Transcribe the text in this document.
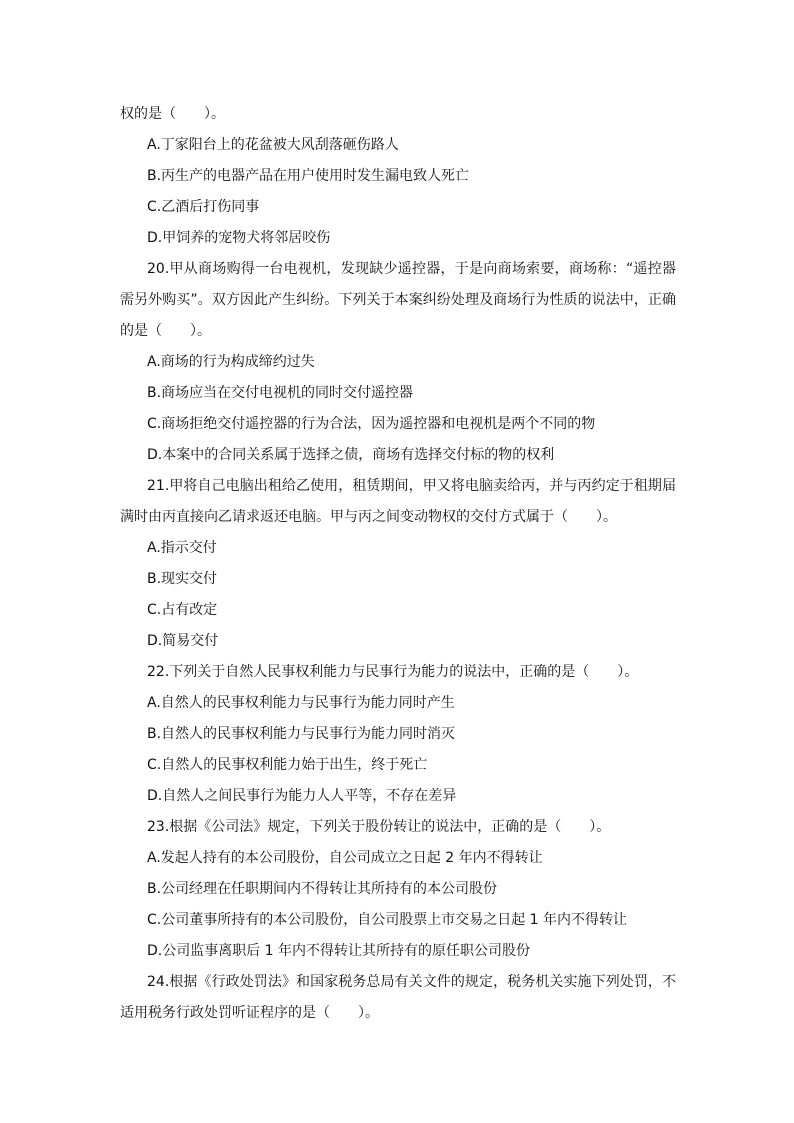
权的是（　　）。
A.丁家阳台上的花盆被大风刮落砸伤路人
B.丙生产的电器产品在用户使用时发生漏电致人死亡
C.乙酒后打伤同事
D.甲饲养的宠物犬将邻居咬伤
20.甲从商场购得一台电视机，发现缺少遥控器，于是向商场索要，商场称：“遥控器
需另外购买”。双方因此产生纠纷。下列关于本案纠纷处理及商场行为性质的说法中，正确
的是（　　）。
A.商场的行为构成缔约过失
B.商场应当在交付电视机的同时交付遥控器
C.商场拒绝交付遥控器的行为合法，因为遥控器和电视机是两个不同的物
D.本案中的合同关系属于选择之债，商场有选择交付标的物的权利
21.甲将自己电脑出租给乙使用，租赁期间，甲又将电脑卖给丙，并与丙约定于租期届
满时由丙直接向乙请求返还电脑。甲与丙之间变动物权的交付方式属于（　　）。
A.指示交付
B.现实交付
C.占有改定
D.简易交付
22.下列关于自然人民事权利能力与民事行为能力的说法中，正确的是（　　）。
A.自然人的民事权利能力与民事行为能力同时产生
B.自然人的民事权利能力与民事行为能力同时消灭
C.自然人的民事权利能力始于出生，终于死亡
D.自然人之间民事行为能力人人平等，不存在差异
23.根据《公司法》规定，下列关于股份转让的说法中，正确的是（　　）。
A.发起人持有的本公司股份，自公司成立之日起 2 年内不得转让
B.公司经理在任职期间内不得转让其所持有的本公司股份
C.公司董事所持有的本公司股份，自公司股票上市交易之日起 1 年内不得转让
D.公司监事离职后 1 年内不得转让其所持有的原任职公司股份
24.根据《行政处罚法》和国家税务总局有关文件的规定，税务机关实施下列处罚，不
适用税务行政处罚听证程序的是（　　）。
